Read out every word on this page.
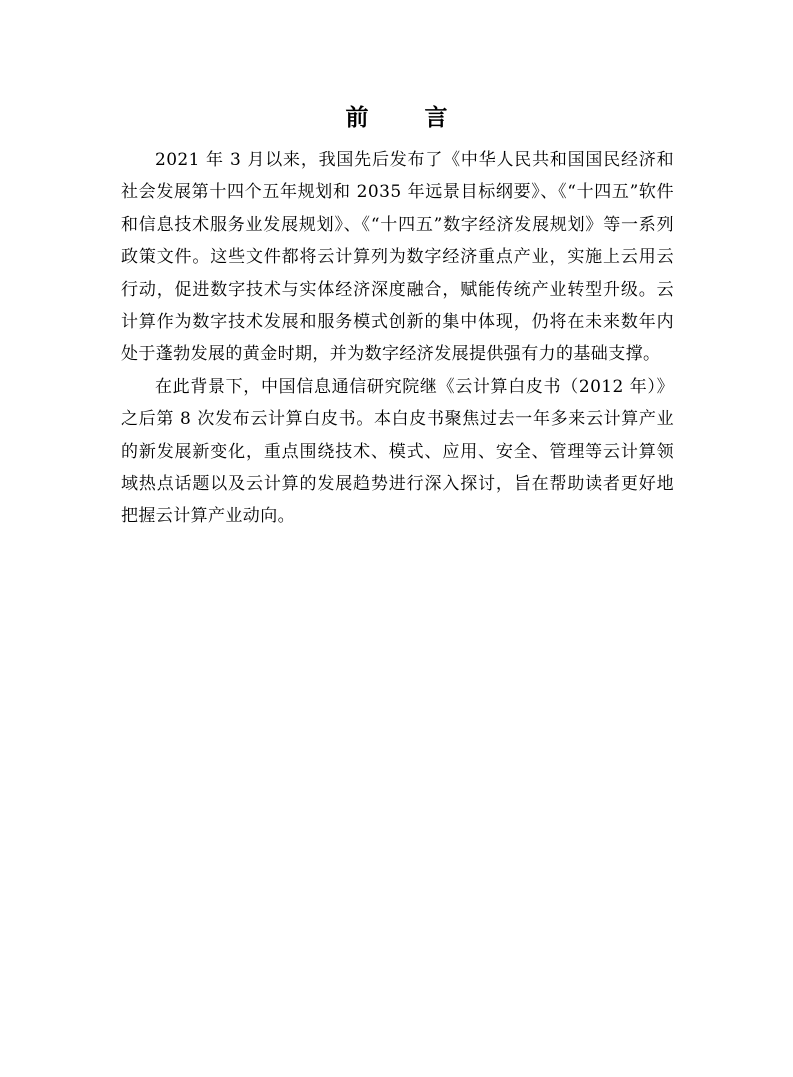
前 言

2021 年 3 月以来，我国先后发布了《中华人民共和国国民经济和社会发展第十四个五年规划和 2035 年远景目标纲要》、《“十四五”软件和信息技术服务业发展规划》、《“十四五”数字经济发展规划》等一系列政策文件。这些文件都将云计算列为数字经济重点产业，实施上云用云行动，促进数字技术与实体经济深度融合，赋能传统产业转型升级。云计算作为数字技术发展和服务模式创新的集中体现，仍将在未来数年内处于蓬勃发展的黄金时期，并为数字经济发展提供强有力的基础支撑。

在此背景下，中国信息通信研究院继《云计算白皮书（2012 年）》之后第 8 次发布云计算白皮书。本白皮书聚焦过去一年多来云计算产业的新发展新变化，重点围绕技术、模式、应用、安全、管理等云计算领域热点话题以及云计算的发展趋势进行深入探讨，旨在帮助读者更好地把握云计算产业动向。
